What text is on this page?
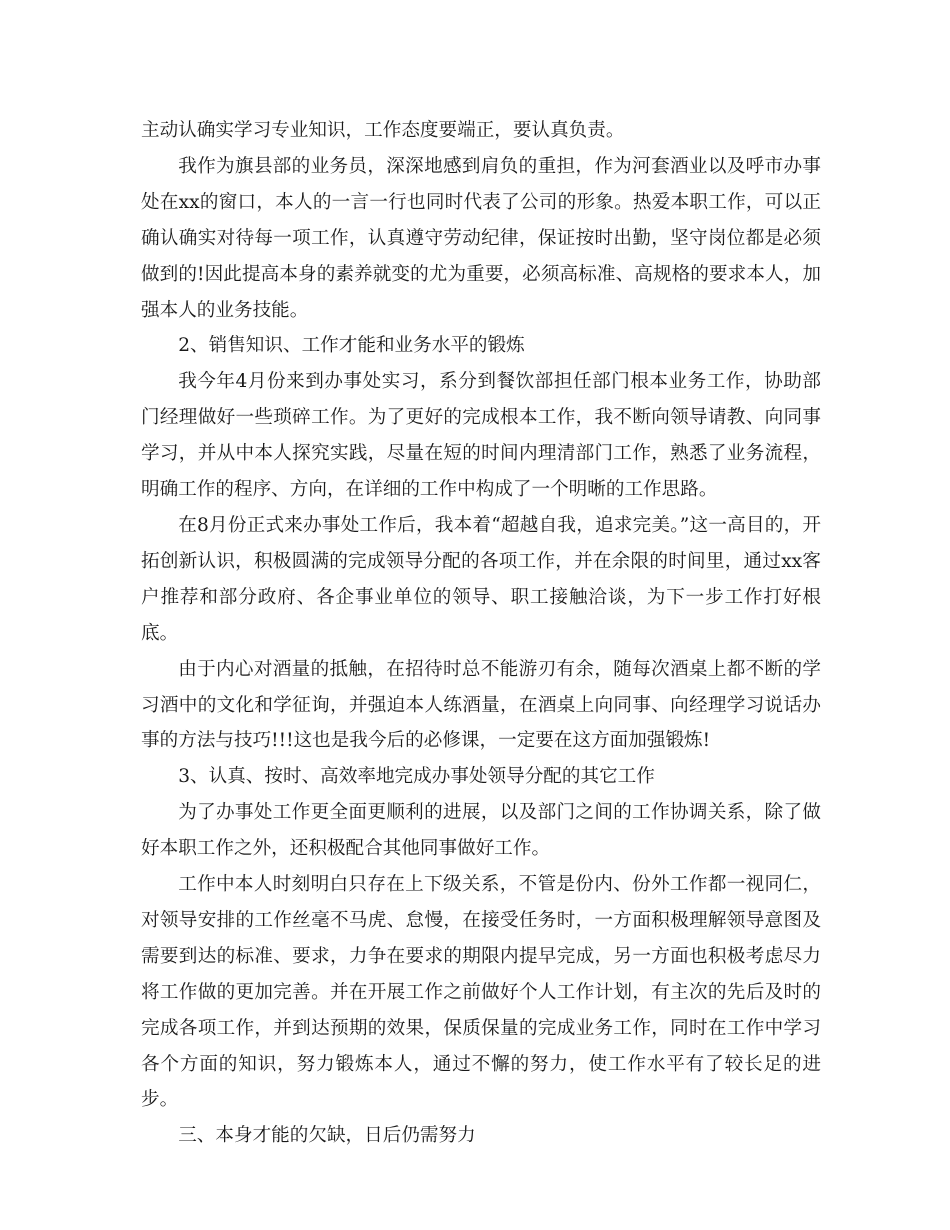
主动认确实学习专业知识，工作态度要端正，要认真负责。

我作为旗县部的业务员，深深地感到肩负的重担，作为河套酒业以及呼市办事处在xx的窗口，本人的一言一行也同时代表了公司的形象。热爱本职工作，可以正确认确实对待每一项工作，认真遵守劳动纪律，保证按时出勤，坚守岗位都是必须做到的!因此提高本身的素养就变的尤为重要，必须高标准、高规格的要求本人，加强本人的业务技能。

2、销售知识、工作才能和业务水平的锻炼

我今年4月份来到办事处实习，系分到餐饮部担任部门根本业务工作，协助部门经理做好一些琐碎工作。为了更好的完成根本工作，我不断向领导请教、向同事学习，并从中本人探究实践，尽量在短的时间内理清部门工作，熟悉了业务流程，明确工作的程序、方向，在详细的工作中构成了一个明晰的工作思路。

在8月份正式来办事处工作后，我本着“超越自我，追求完美。”这一高目的，开拓创新认识，积极圆满的完成领导分配的各项工作，并在余限的时间里，通过xx客户推荐和部分政府、各企事业单位的领导、职工接触洽谈，为下一步工作打好根底。

由于内心对酒量的抵触，在招待时总不能游刃有余，随每次酒桌上都不断的学习酒中的文化和学征询，并强迫本人练酒量，在酒桌上向同事、向经理学习说话办事的方法与技巧!!!这也是我今后的必修课，一定要在这方面加强锻炼!

3、认真、按时、高效率地完成办事处领导分配的其它工作

为了办事处工作更全面更顺利的进展，以及部门之间的工作协调关系，除了做好本职工作之外，还积极配合其他同事做好工作。

工作中本人时刻明白只存在上下级关系，不管是份内、份外工作都一视同仁，对领导安排的工作丝毫不马虎、怠慢，在接受任务时，一方面积极理解领导意图及需要到达的标准、要求，力争在要求的期限内提早完成，另一方面也积极考虑尽力将工作做的更加完善。并在开展工作之前做好个人工作计划，有主次的先后及时的完成各项工作，并到达预期的效果，保质保量的完成业务工作，同时在工作中学习各个方面的知识，努力锻炼本人，通过不懈的努力，使工作水平有了较长足的进步。

三、本身才能的欠缺，日后仍需努力
